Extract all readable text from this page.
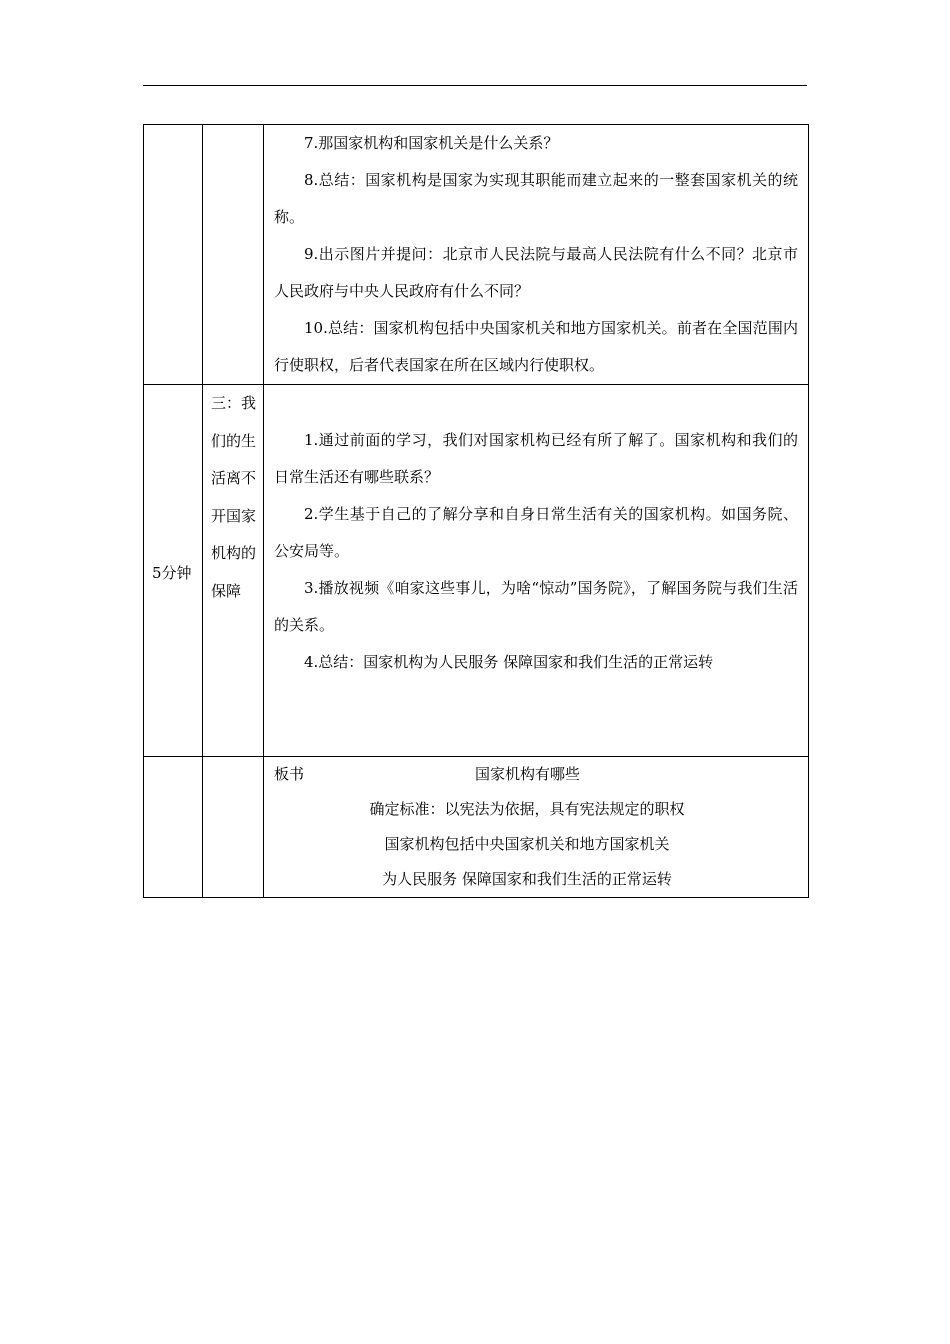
		7.那国家机构和国家机关是什么关系？

8.总结：国家机构是国家为实现其职能而建立起来的一整套国家机关的统称。

9.出示图片并提问：北京市人民法院与最高人民法院有什么不同？北京市人民政府与中央人民政府有什么不同？

10.总结：国家机构包括中央国家机关和地方国家机关。前者在全国范围内行使职权，后者代表国家在所在区域内行使职权。

5分钟	三：我们的生活离不开国家机构的保障	1.通过前面的学习，我们对国家机构已经有所了解了。国家机构和我们的日常生活还有哪些联系？

2.学生基于自己的了解分享和自身日常生活有关的国家机构。如国务院、公安局等。

3.播放视频《咱家这些事儿，为啥“惊动”国务院》，了解国务院与我们生活的关系。

4.总结：国家机构为人民服务 保障国家和我们生活的正常运转

		板书 国家机构有哪些
确定标准：以宪法为依据，具有宪法规定的职权
国家机构包括中央国家机关和地方国家机关
为人民服务 保障国家和我们生活的正常运转
